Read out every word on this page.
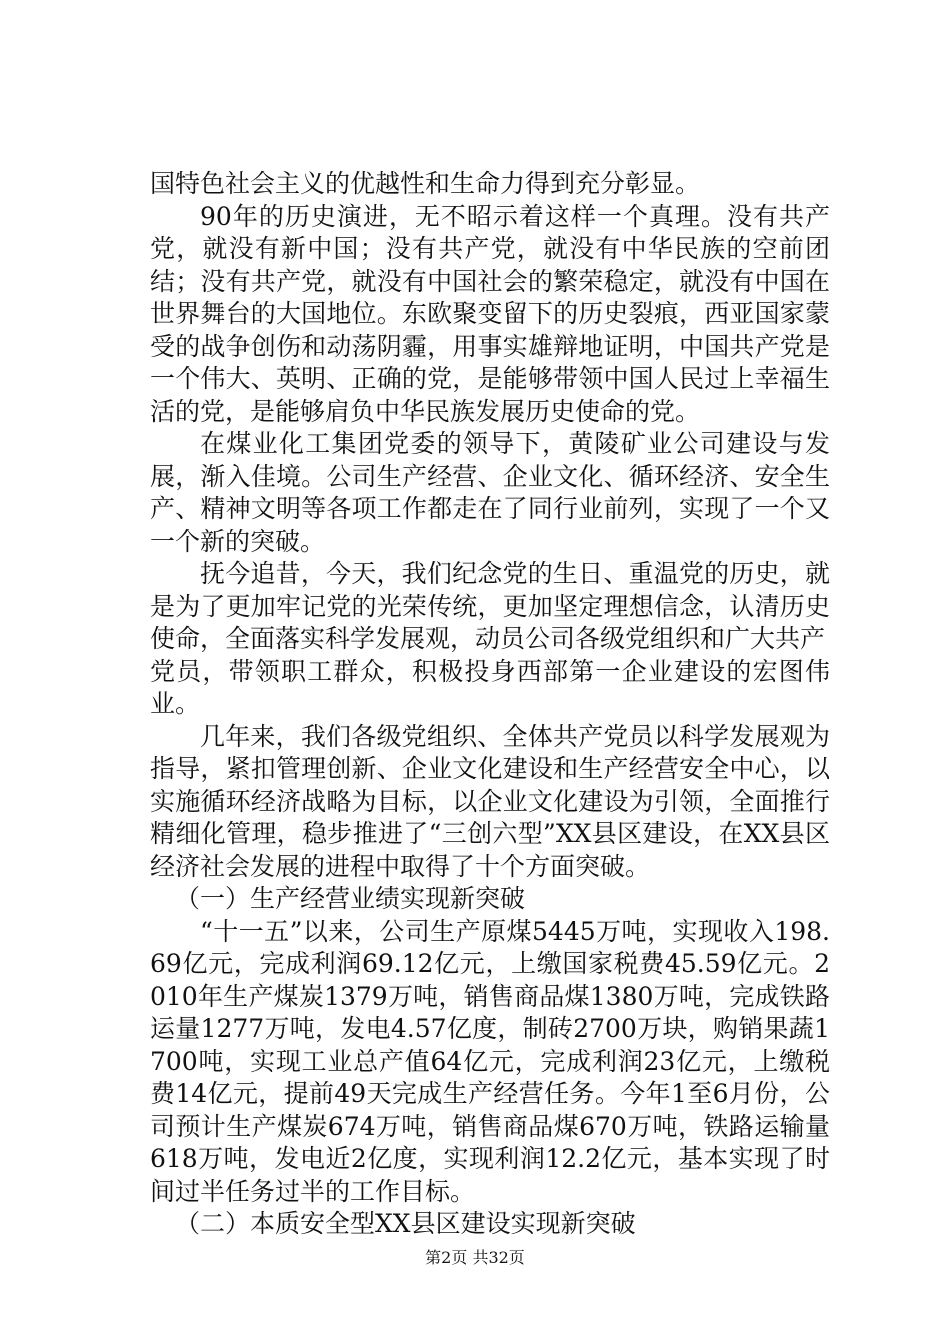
国特色社会主义的优越性和生命力得到充分彰显。

90年的历史演进，无不昭示着这样一个真理。没有共产党，就没有新中国；没有共产党，就没有中华民族的空前团结；没有共产党，就没有中国社会的繁荣稳定，就没有中国在世界舞台的大国地位。东欧聚变留下的历史裂痕，西亚国家蒙受的战争创伤和动荡阴霾，用事实雄辩地证明，中国共产党是一个伟大、英明、正确的党，是能够带领中国人民过上幸福生活的党，是能够肩负中华民族发展历史使命的党。

在煤业化工集团党委的领导下，黄陵矿业公司建设与发展，渐入佳境。公司生产经营、企业文化、循环经济、安全生产、精神文明等各项工作都走在了同行业前列，实现了一个又一个新的突破。

抚今追昔，今天，我们纪念党的生日、重温党的历史，就是为了更加牢记党的光荣传统，更加坚定理想信念，认清历史使命，全面落实科学发展观，动员公司各级党组织和广大共产

党员，带领职工群众，积极投身西部第一企业建设的宏图伟业。

几年来，我们各级党组织、全体共产党员以科学发展观为指导，紧扣管理创新、企业文化建设和生产经营安全中心，以实施循环经济战略为目标，以企业文化建设为引领，全面推行精细化管理，稳步推进了“三创六型”XX县区建设，在XX县区经济社会发展的进程中取得了十个方面突破。

（一）生产经营业绩实现新突破

“十一五”以来，公司生产原煤5445万吨，实现收入198.69亿元，完成利润69.12亿元，上缴国家税费45.59亿元。2010年生产煤炭1379万吨，销售商品煤1380万吨，完成铁路运量1277万吨，发电4.57亿度，制砖2700万块，购销果蔬1700吨，实现工业总产值64亿元，完成利润23亿元，上缴税费14亿元，提前49天完成生产经营任务。今年1至6月份，公司预计生产煤炭674万吨，销售商品煤670万吨，铁路运输量618万吨，发电近2亿度，实现利润12.2亿元，基本实现了时间过半任务过半的工作目标。

（二）本质安全型XX县区建设实现新突破

第2页 共32页
